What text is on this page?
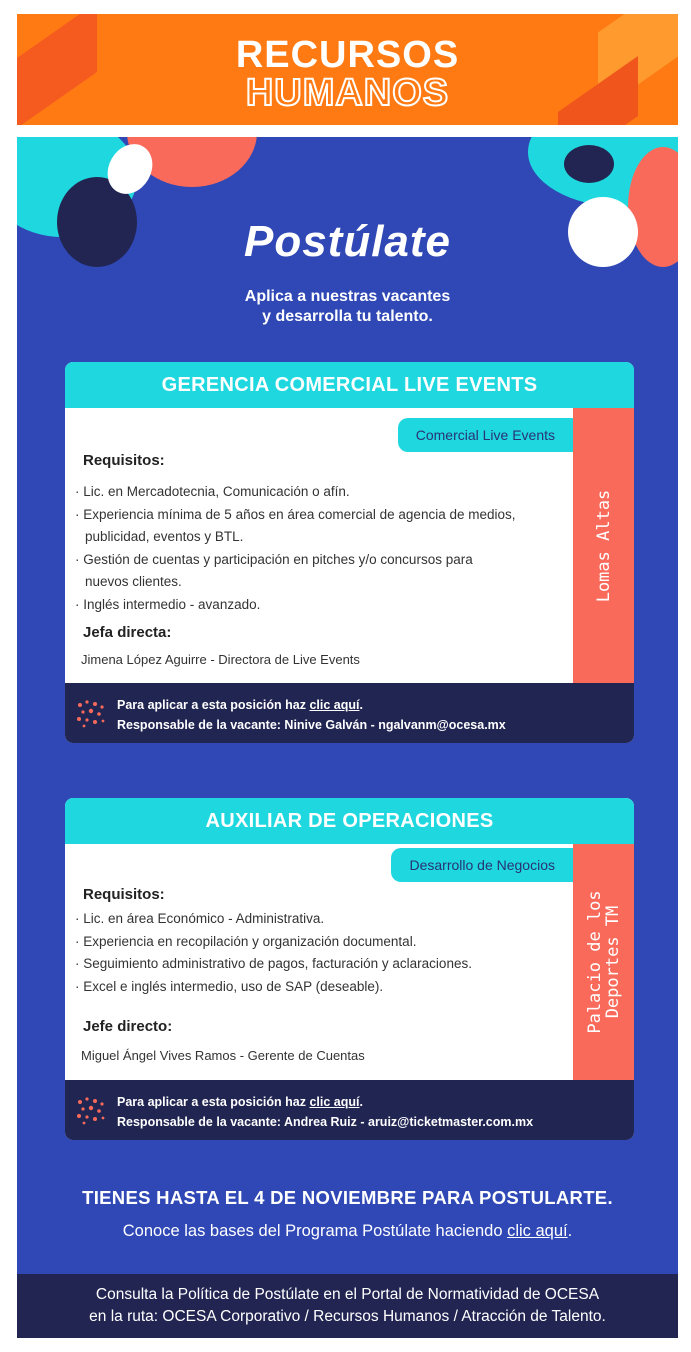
RECURSOS
HUMANOS
Postúlate
Aplica a nuestras vacantes
y desarrolla tu talento.
GERENCIA COMERCIAL LIVE EVENTS
Lomas Altas
Comercial Live Events
Requisitos:
· Lic. en Mercadotecnia, Comunicación o afín.
· Experiencia mínima de 5 años en área comercial de agencia de medios,
publicidad, eventos y BTL.
· Gestión de cuentas y participación en pitches y/o concursos para
nuevos clientes.
· Inglés intermedio - avanzado.
Jefa directa:
Jimena López Aguirre - Directora de Live Events
Para aplicar a esta posición haz clic aquí.
Responsable de la vacante: Ninive Galván - ngalvanm@ocesa.mx
AUXILIAR DE OPERACIONES
Palacio de los
Deportes TM
Desarrollo de Negocios
Requisitos:
· Lic. en área Económico - Administrativa.
· Experiencia en recopilación y organización documental.
· Seguimiento administrativo de pagos, facturación y aclaraciones.
· Excel e inglés intermedio, uso de SAP (deseable).
Jefe directo:
Miguel Ángel Vives Ramos - Gerente de Cuentas
Para aplicar a esta posición haz clic aquí.
Responsable de la vacante: Andrea Ruiz - aruiz@ticketmaster.com.mx
TIENES HASTA EL 4 DE NOVIEMBRE PARA POSTULARTE.
Conoce las bases del Programa Postúlate haciendo clic aquí.
Consulta la Política de Postúlate en el Portal de Normatividad de OCESA
en la ruta: OCESA Corporativo / Recursos Humanos / Atracción de Talento.
